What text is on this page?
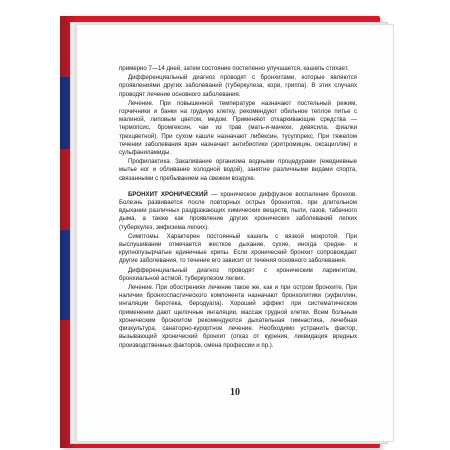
примерно 7—14 дней, затем состояние постепенно улучшается, кашель стихает.

Дифференциальный диагноз проводят с бронхитами, которые являются проявлениями других заболеваний (туберкулеза, кори, гриппа). В этих случаях проводят лечение основного заболевания.

Лечение. При повышенной температуре назначают постельный режим, горчичники и банки на грудную клетку, рекомендуют обильное теплое питье с малиной, липовым цветом, медом. Применяют отхаркивающие средства — термопсис, бромгексин, чаи из трав (мать-и-мачехи, девясила, фиалки трехцветной). При сухом кашле назначают либексин, тусуппрекс. При тяжелом течении заболевания врач назначает антибиотики (эритромицин, оксациллин) и сульфаниламиды.

Профилактика. Закаливание организма водными процедурами (ежедневные мытье ног и обливание холодной водой), занятие различными видами спорта, связанными с пребыванием на свежем воздухе.

БРОНХИТ ХРОНИЧЕСКИЙ — хроническое диффузное воспаление бронхов. Болезнь развивается после повторных острых бронхитов, при длительном вдыхании различных раздражающих химических веществ, пыли, газов, табачного дыма, а также как проявление других хронических заболеваний легких (туберкулез, эмфизема легких).

Симптомы. Характерен постоянный кашель с вязкой мокротой. При выслушивании отмечается жесткое дыхание, сухие, иногда средне- и крупнопузырчатые единичные хрипы. Если хронический бронхит сопровождает другие заболевания, то течение его зависит от течения основного заболевания.

Дифференциальный диагноз проводят с хроническим ларингитом, бронхиальной астмой, туберкулезом легких.

Лечение. При обострениях лечение такое же, как и при остром бронхите. При наличии бронхоспастического компонента назначают бронхолитики (эуфиллин, ингаляции беротека, беродуала). Хороший эффект при систематическом применении дают щелочные ингаляции, массаж грудной клетки. Всем больным хроническим бронхитом рекомендуются дыхательная гимнастика, лечебная физкультура, санаторно-курортное лечение. Необходимо устранить фактор, вызывающий хронический бронхит (отказ от курения, ликвидация вредных производственных факторов, смена профессии и пр.).

10
